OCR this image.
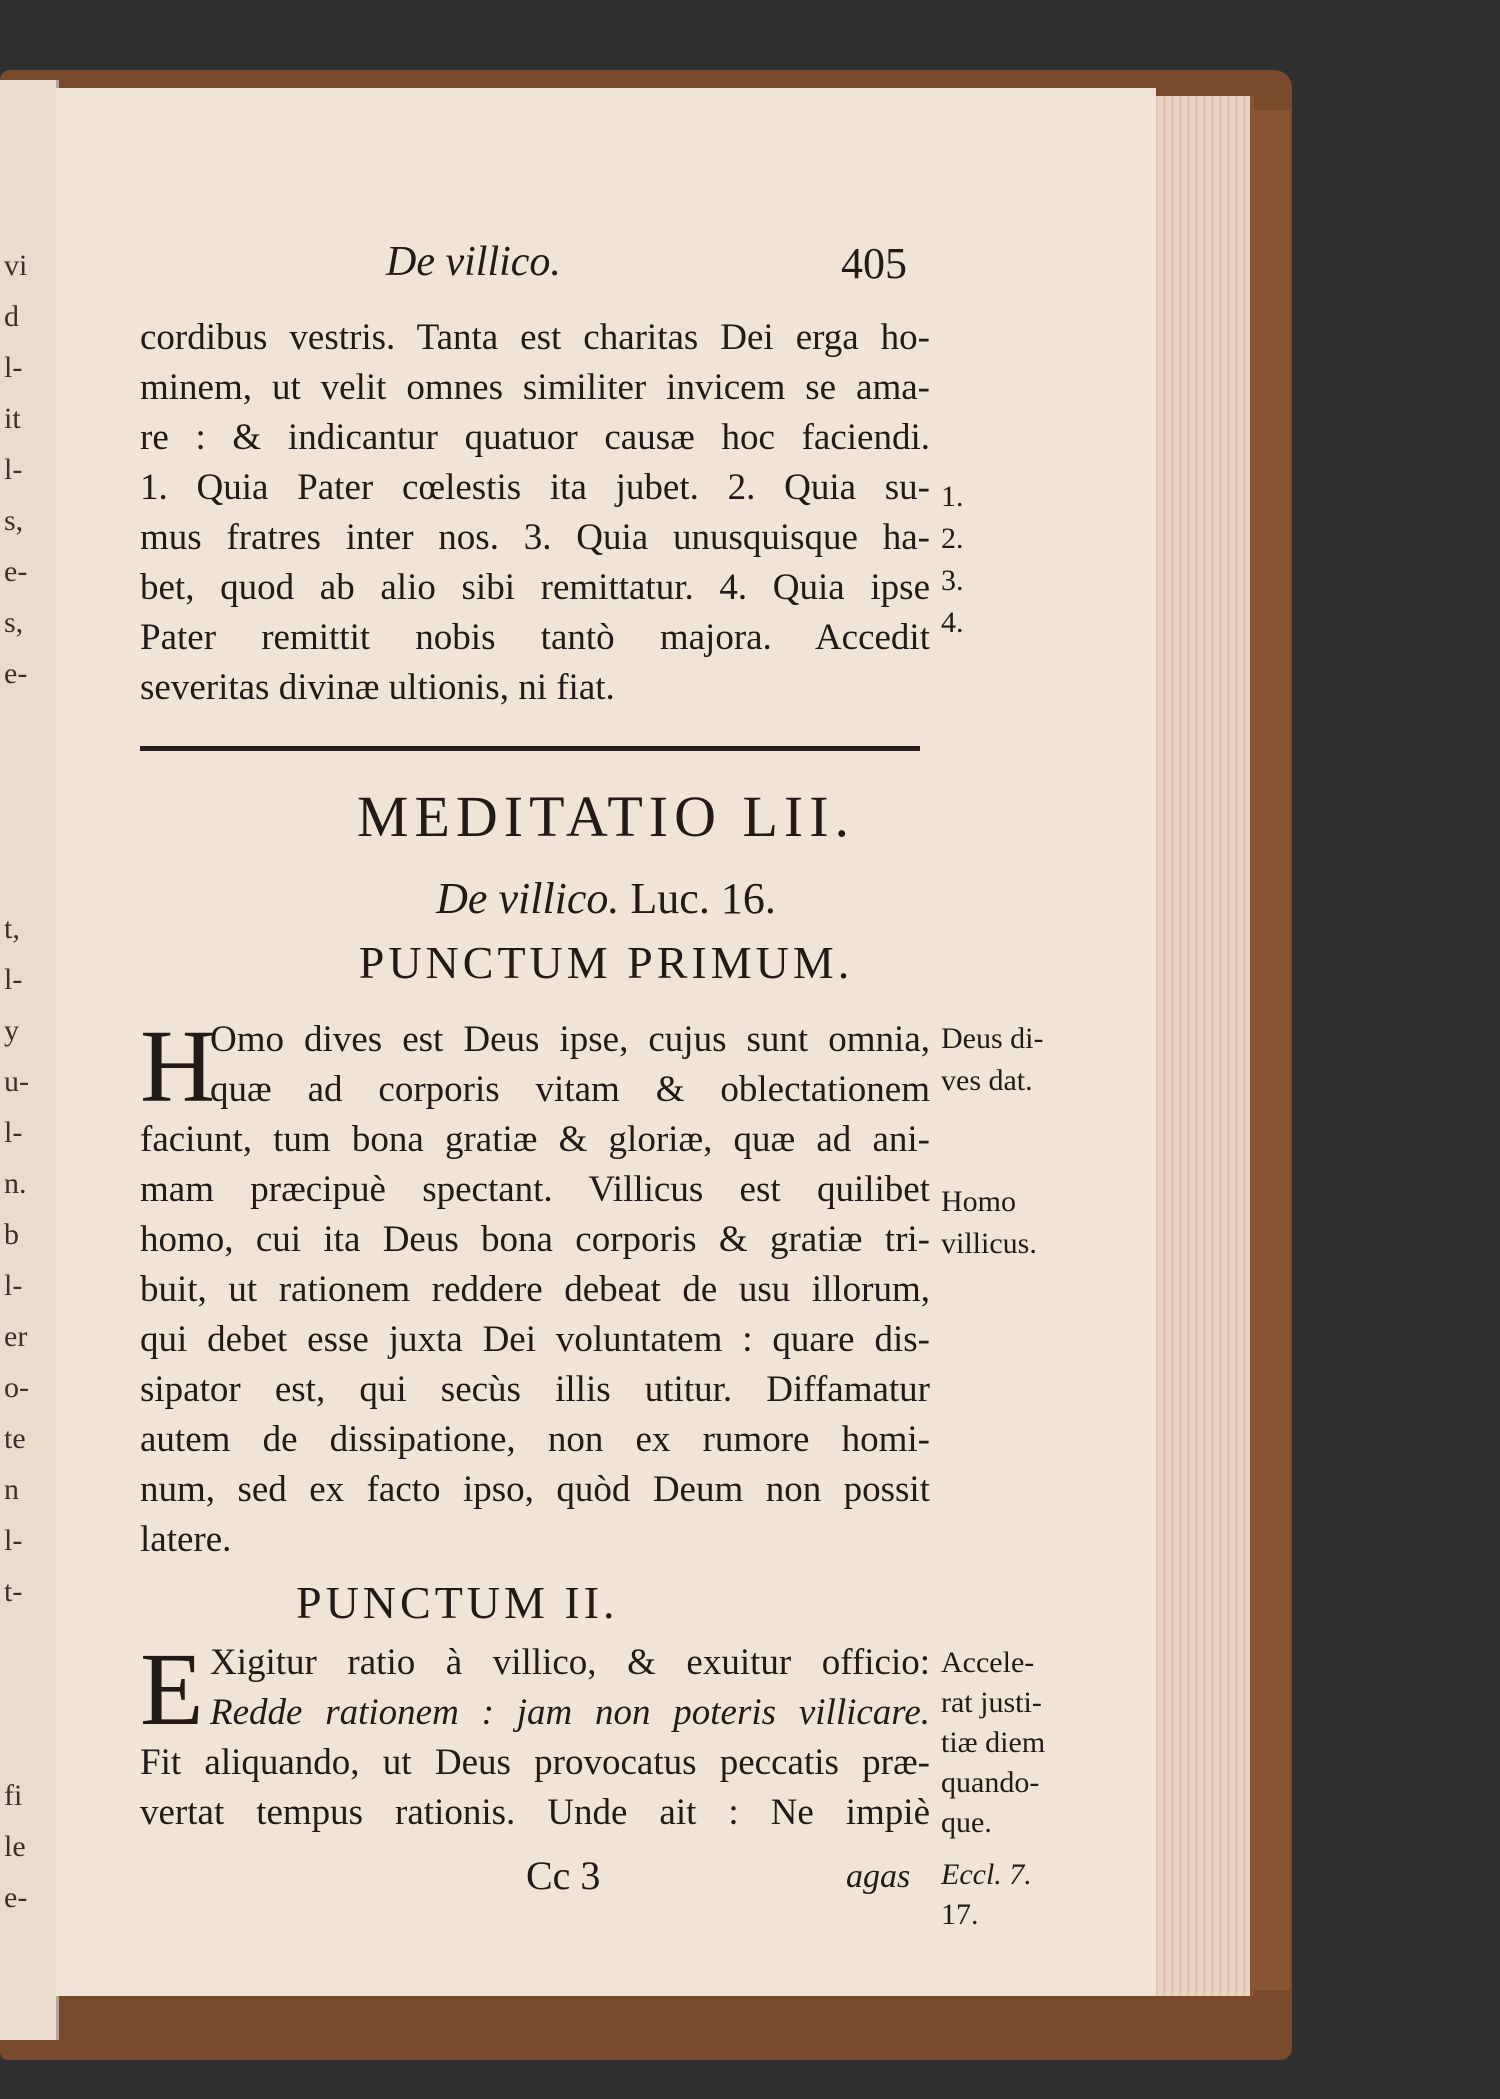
vi
d
l-
it
l-
s,
e-
s,
e-
t,
l-
y
u-
l-
n.
b
l-
er
o-
te
n
l-
t-
fi
le
e-
De villico.	405
cordibus vestris. Tanta est charitas Dei erga ho-
minem, ut velit omnes similiter invicem se ama-
re : & indicantur quatuor causæ hoc faciendi.
1. Quia Pater cœlestis ita jubet. 2. Quia su-
mus fratres inter nos. 3. Quia unusquisque ha-
bet, quod ab alio sibi remittatur. 4. Quia ipse
Pater remittit nobis tantò majora. Accedit
severitas divinæ ultionis, ni fiat.
1.
2.
3.
4.
MEDITATIO LII.
De villico. Luc. 16.
PUNCTUM PRIMUM.
H
Omo dives est Deus ipse, cujus sunt omnia,
quæ ad corporis vitam & oblectationem
faciunt, tum bona gratiæ & gloriæ, quæ ad ani-
mam præcipuè spectant. Villicus est quilibet
homo, cui ita Deus bona corporis & gratiæ tri-
buit, ut rationem reddere debeat de usu illorum,
qui debet esse juxta Dei voluntatem : quare dis-
sipator est, qui secùs illis utitur. Diffamatur
autem de dissipatione, non ex rumore homi-
num, sed ex facto ipso, quòd Deum non possit
latere.
Deus di-
ves dat.
Homo
villicus.
PUNCTUM II.
E Xigitur ratio à villico, & exuitur officio:
Redde rationem : jam non poteris villicare.
Fit aliquando, ut Deus provocatus peccatis præ-
vertat tempus rationis. Unde ait : Ne impiè
Accele-
rat justi-
tiæ diem
quando-
que.
Cc 3	agas Eccl. 7.
17.
